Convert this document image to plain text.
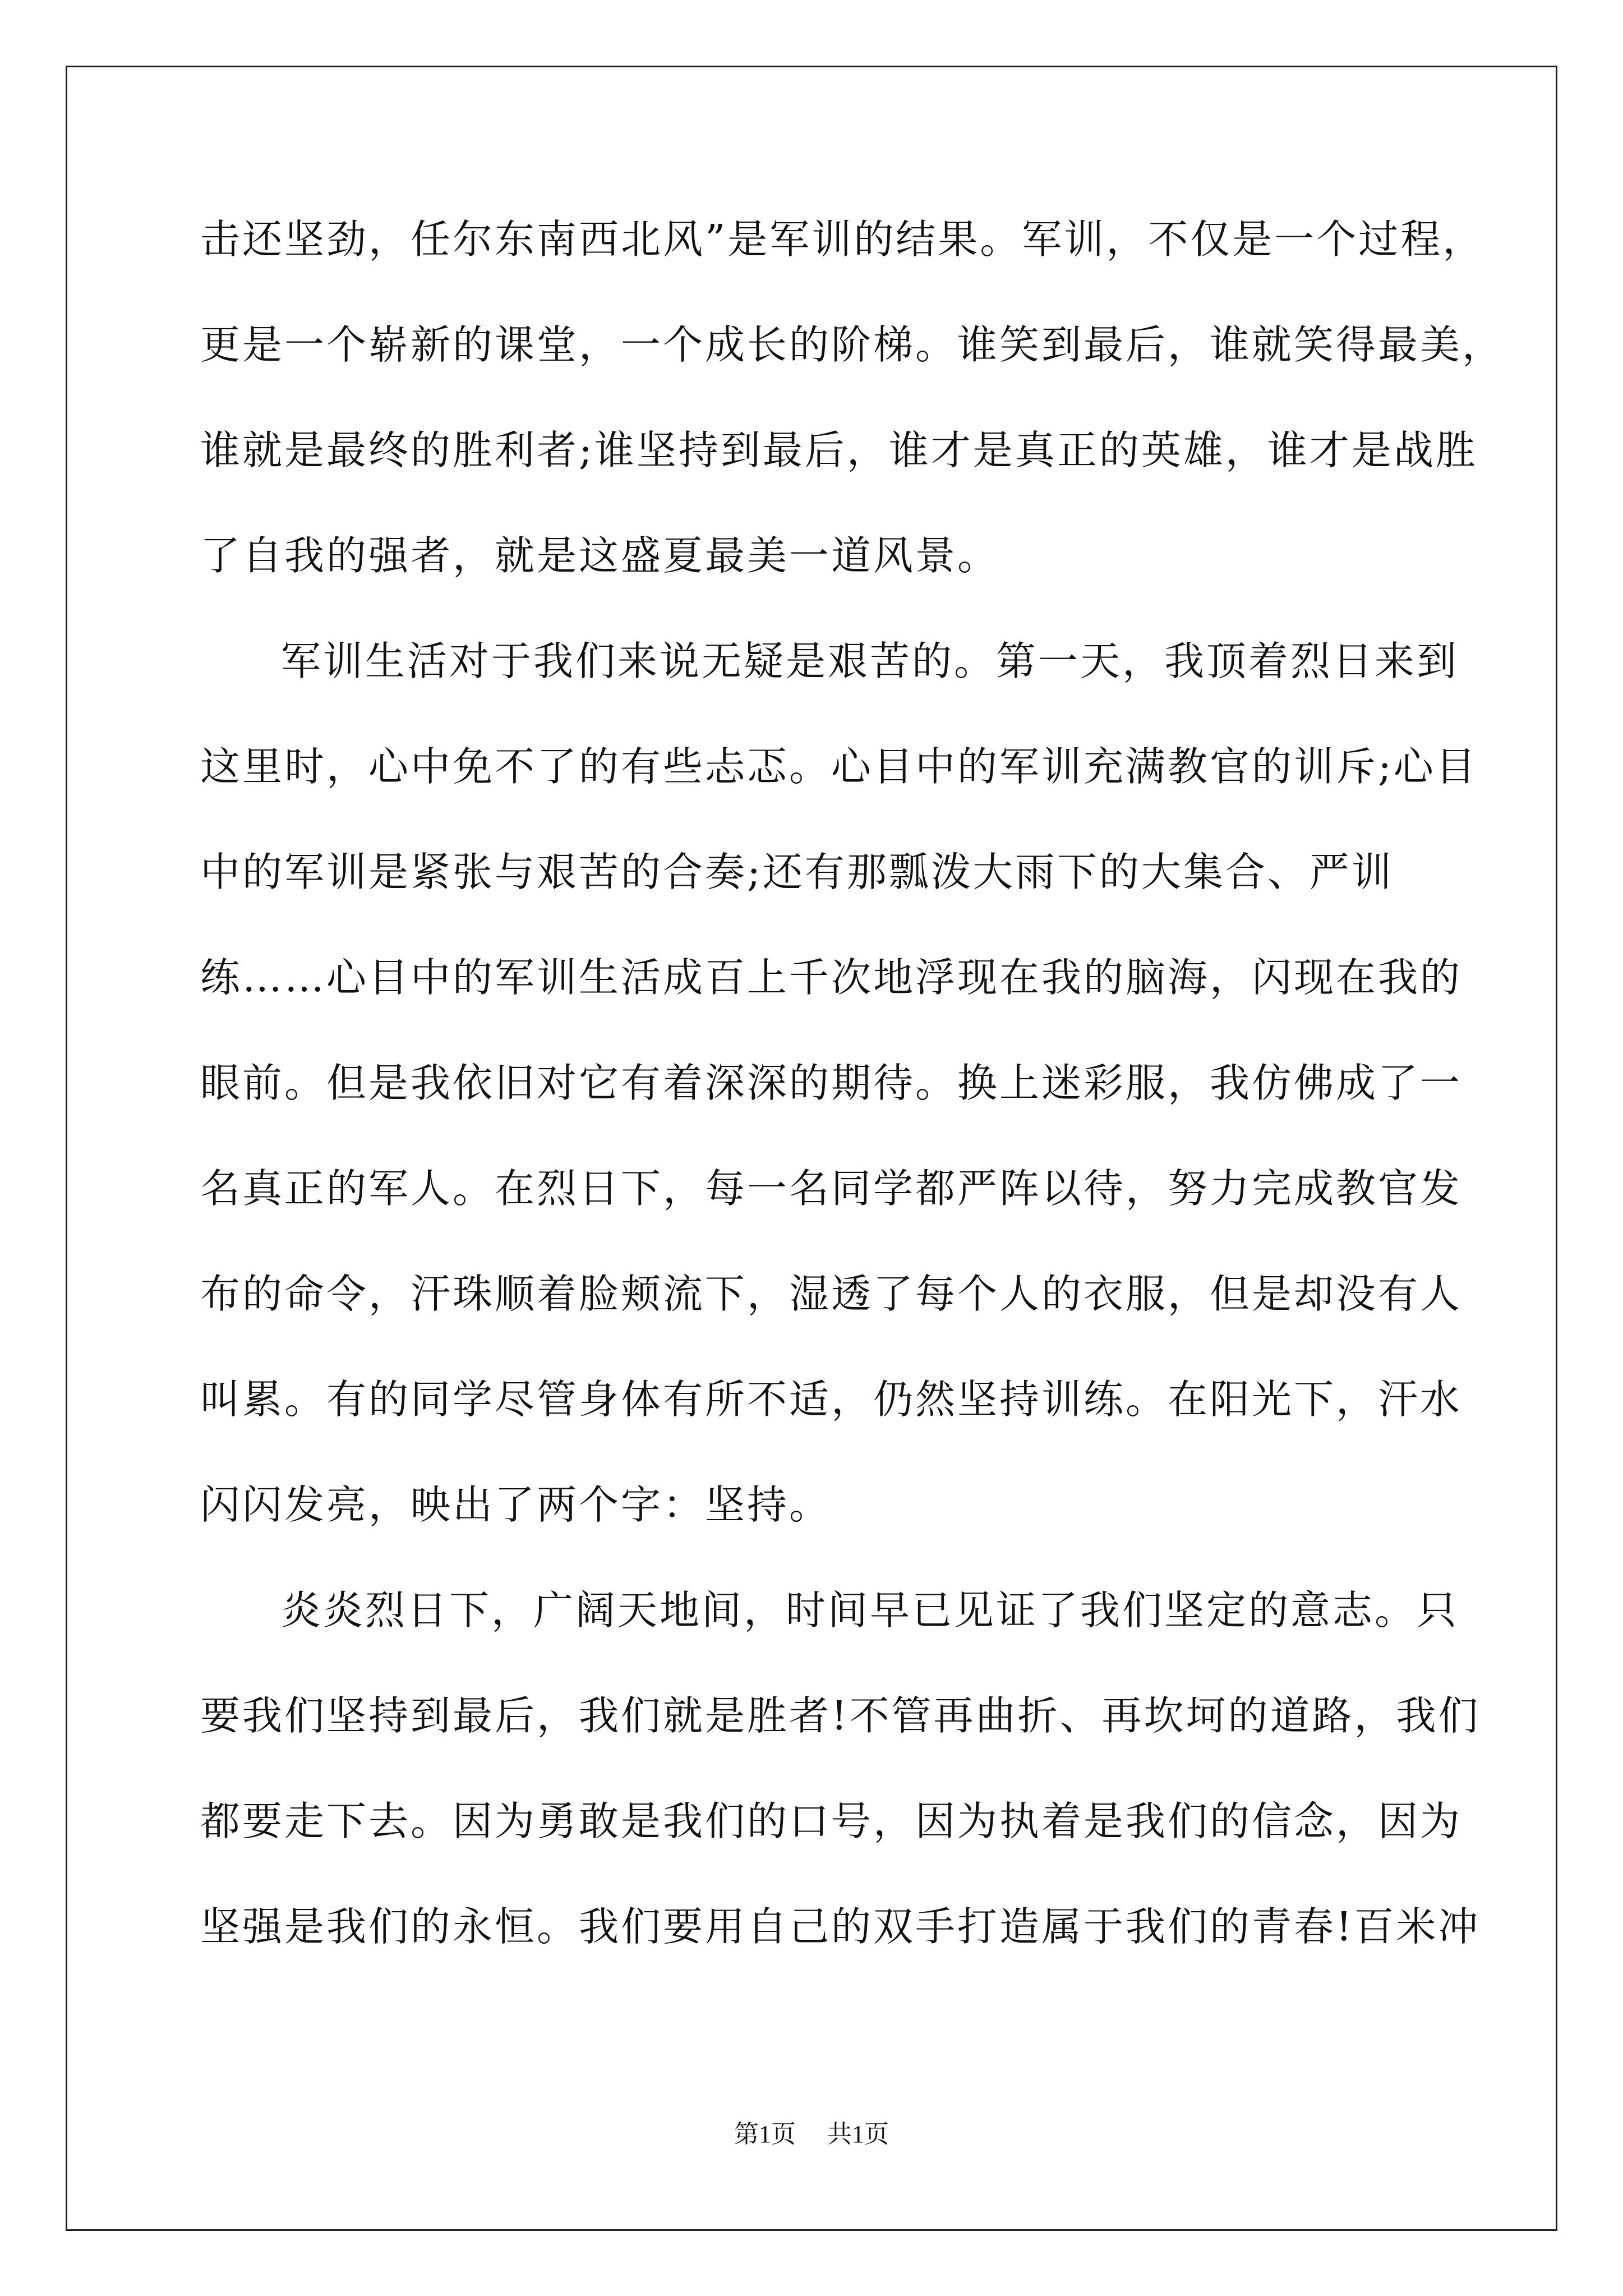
击还坚劲，任尔东南西北风”是军训的结果。军训，不仅是一个过程，
更是一个崭新的课堂，一个成长的阶梯。谁笑到最后，谁就笑得最美，
谁就是最终的胜利者;谁坚持到最后，谁才是真正的英雄，谁才是战胜
了自我的强者，就是这盛夏最美一道风景。
军训生活对于我们来说无疑是艰苦的。第一天，我顶着烈日来到
这里时，心中免不了的有些忐忑。心目中的军训充满教官的训斥;心目
中的军训是紧张与艰苦的合奏;还有那瓢泼大雨下的大集合、严训
练……心目中的军训生活成百上千次地浮现在我的脑海，闪现在我的
眼前。但是我依旧对它有着深深的期待。换上迷彩服，我仿佛成了一
名真正的军人。在烈日下，每一名同学都严阵以待，努力完成教官发
布的命令，汗珠顺着脸颊流下，湿透了每个人的衣服，但是却没有人
叫累。有的同学尽管身体有所不适，仍然坚持训练。在阳光下，汗水
闪闪发亮，映出了两个字：坚持。
炎炎烈日下，广阔天地间，时间早已见证了我们坚定的意志。只
要我们坚持到最后，我们就是胜者!不管再曲折、再坎坷的道路，我们
都要走下去。因为勇敢是我们的口号，因为执着是我们的信念，因为
坚强是我们的永恒。我们要用自己的双手打造属于我们的青春!百米冲
第1页 共1页
